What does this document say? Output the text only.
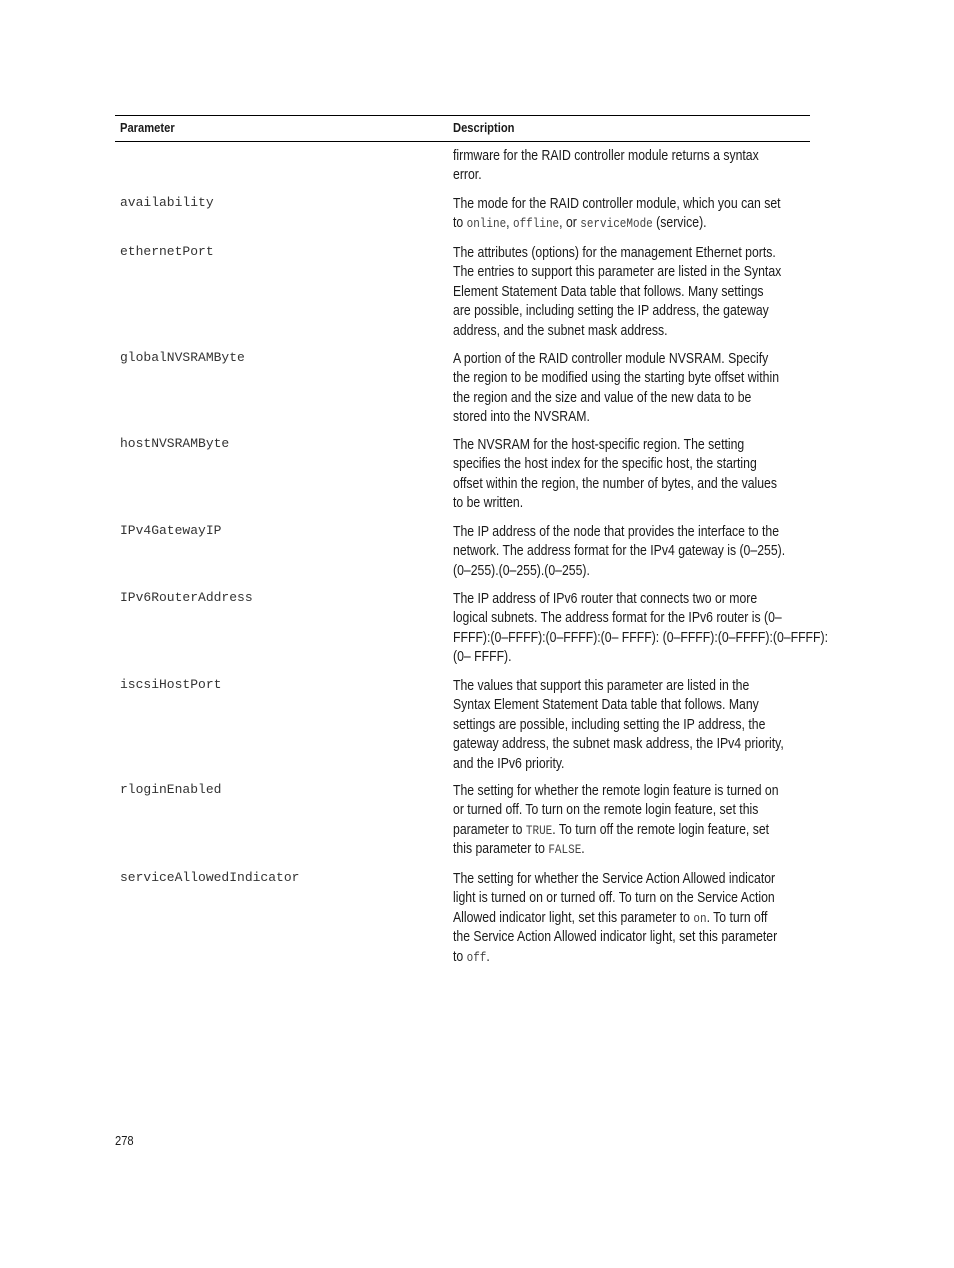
Parameter	Description
firmware for the RAID controller module returns a syntax
error.
availability	The mode for the RAID controller module, which you can set
to online, offline, or serviceMode (service).
ethernetPort	The attributes (options) for the management Ethernet ports.
The entries to support this parameter are listed in the Syntax
Element Statement Data table that follows. Many settings
are possible, including setting the IP address, the gateway
address, and the subnet mask address.
globalNVSRAMByte	A portion of the RAID controller module NVSRAM. Specify
the region to be modified using the starting byte offset within
the region and the size and value of the new data to be
stored into the NVSRAM.
hostNVSRAMByte	The NVSRAM for the host-specific region. The setting
specifies the host index for the specific host, the starting
offset within the region, the number of bytes, and the values
to be written.
IPv4GatewayIP	The IP address of the node that provides the interface to the
network. The address format for the IPv4 gateway is (0–255).
(0–255).(0–255).(0–255).
IPv6RouterAddress	The IP address of IPv6 router that connects two or more
logical subnets. The address format for the IPv6 router is (0–
FFFF):(0–FFFF):(0–FFFF):(0– FFFF): (0–FFFF):(0–FFFF):(0–FFFF):
(0– FFFF).
iscsiHostPort	The values that support this parameter are listed in the
Syntax Element Statement Data table that follows. Many
settings are possible, including setting the IP address, the
gateway address, the subnet mask address, the IPv4 priority,
and the IPv6 priority.
rloginEnabled	The setting for whether the remote login feature is turned on
or turned off. To turn on the remote login feature, set this
parameter to TRUE. To turn off the remote login feature, set
this parameter to FALSE.
serviceAllowedIndicator	The setting for whether the Service Action Allowed indicator
light is turned on or turned off. To turn on the Service Action
Allowed indicator light, set this parameter to on. To turn off
the Service Action Allowed indicator light, set this parameter
to off.
278
